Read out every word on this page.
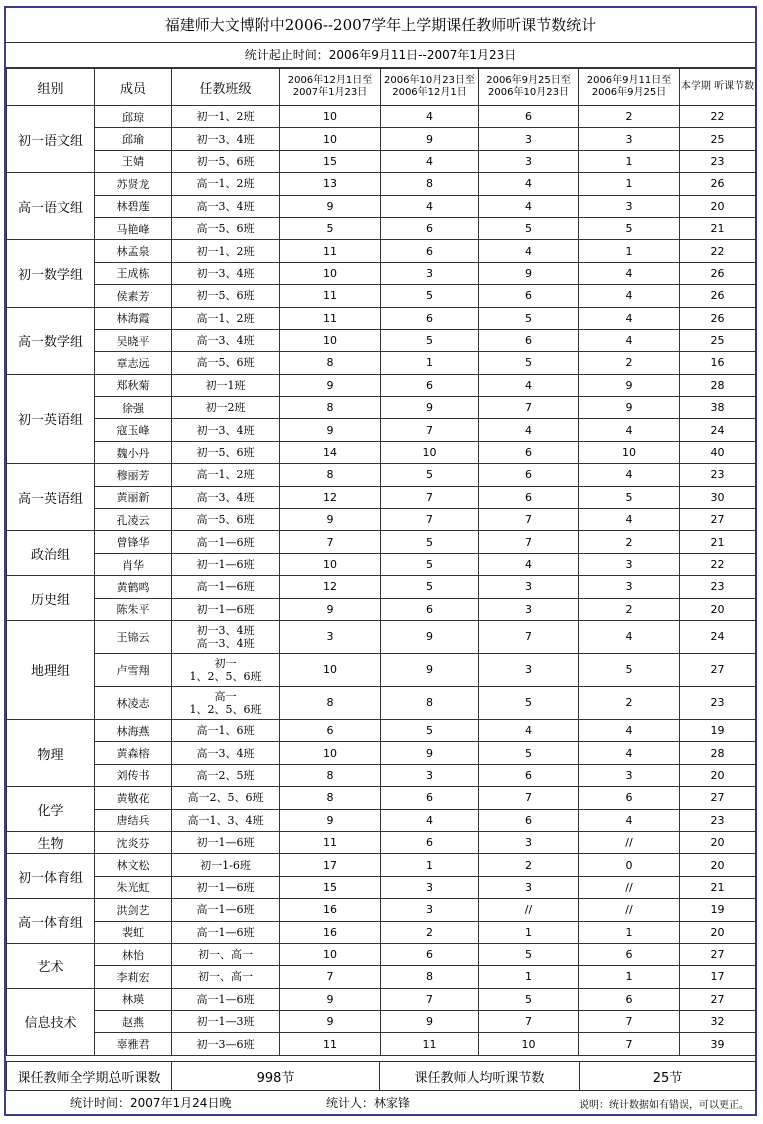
福建师大文博附中2006--2007学年上学期课任教师听课节数统计
统计起止时间：2006年9月11日--2007年1月23日
组别	成员	任教班级	2006年12月1日至 2007年1月23日	2006年10月23日至 2006年12月1日	2006年9月25日至 2006年10月23日	2006年9月11日至 2006年9月25日	本学期 听课节数
初一语文组	邱琼	初一1、2班	10	4	6	2	22
	邱瑜	初一3、4班	10	9	3	3	25
	王婧	初一5、6班	15	4	3	1	23
高一语文组	苏贤龙	高一1、2班	13	8	4	1	26
	林碧莲	高一3、4班	9	4	4	3	20
	马艳峰	高一5、6班	5	6	5	5	21
初一数学组	林孟泉	初一1、2班	11	6	4	1	22
	王成栋	初一3、4班	10	3	9	4	26
	侯素芳	初一5、6班	11	5	6	4	26
高一数学组	林海霞	高一1、2班	11	6	5	4	26
	吴晓平	高一3、4班	10	5	6	4	25
	章志远	高一5、6班	8	1	5	2	16
初一英语组	郑秋菊	初一1班	9	6	4	9	28
	徐强	初一2班	8	9	7	9	38
	寇玉峰	初一3、4班	9	7	4	4	24
	魏小丹	初一5、6班	14	10	6	10	40
高一英语组	穆丽芳	高一1、2班	8	5	6	4	23
	黄丽新	高一3、4班	12	7	6	5	30
	孔凌云	高一5、6班	9	7	7	4	27
政治组	曾锋华	高一1—6班	7	5	7	2	21
	肖华	初一1—6班	10	5	4	3	22
历史组	黄鹤鸣	高一1—6班	12	5	3	3	23
	陈朱平	初一1—6班	9	6	3	2	20
地理组	王锦云	初一3、4班
高一3、4班	3	9	7	4	24
	卢雪翔	初一
1、2、5、6班	10	9	3	5	27
	林凌志	高一
1、2、5、6班	8	8	5	2	23
物理	林海燕	高一1、6班	6	5	4	4	19
	黄森榕	高一3、4班	10	9	5	4	28
	刘传书	高一2、5班	8	3	6	3	20
化学	黄敬花	高一2、5、6班	8	6	7	6	27
	唐结兵	高一1、3、4班	9	4	6	4	23
生物	沈炎芬	初一1—6班	11	6	3	//	20
初一体育组	林文松	初一1-6班	17	1	2	0	20
	朱光虹	初一1—6班	15	3	3	//	21
高一体育组	洪剑艺	高一1—6班	16	3	//	//	19
	裴虹	高一1—6班	16	2	1	1	20
艺术	林怡	初一、高一	10	6	5	6	27
	李莉宏	初一、高一	7	8	1	1	17
信息技术	林瑛	高一1—6班	9	7	5	6	27
	赵燕	初一1—3班	9	9	7	7	32
	辜雅君	初一3—6班	11	11	10	7	39
课任教师全学期总听课数	998节	课任教师人均听课节数	25节
统计时间：2007年1月24日晚	统计人：林家锋	说明：统计数据如有错误，可以更正。
